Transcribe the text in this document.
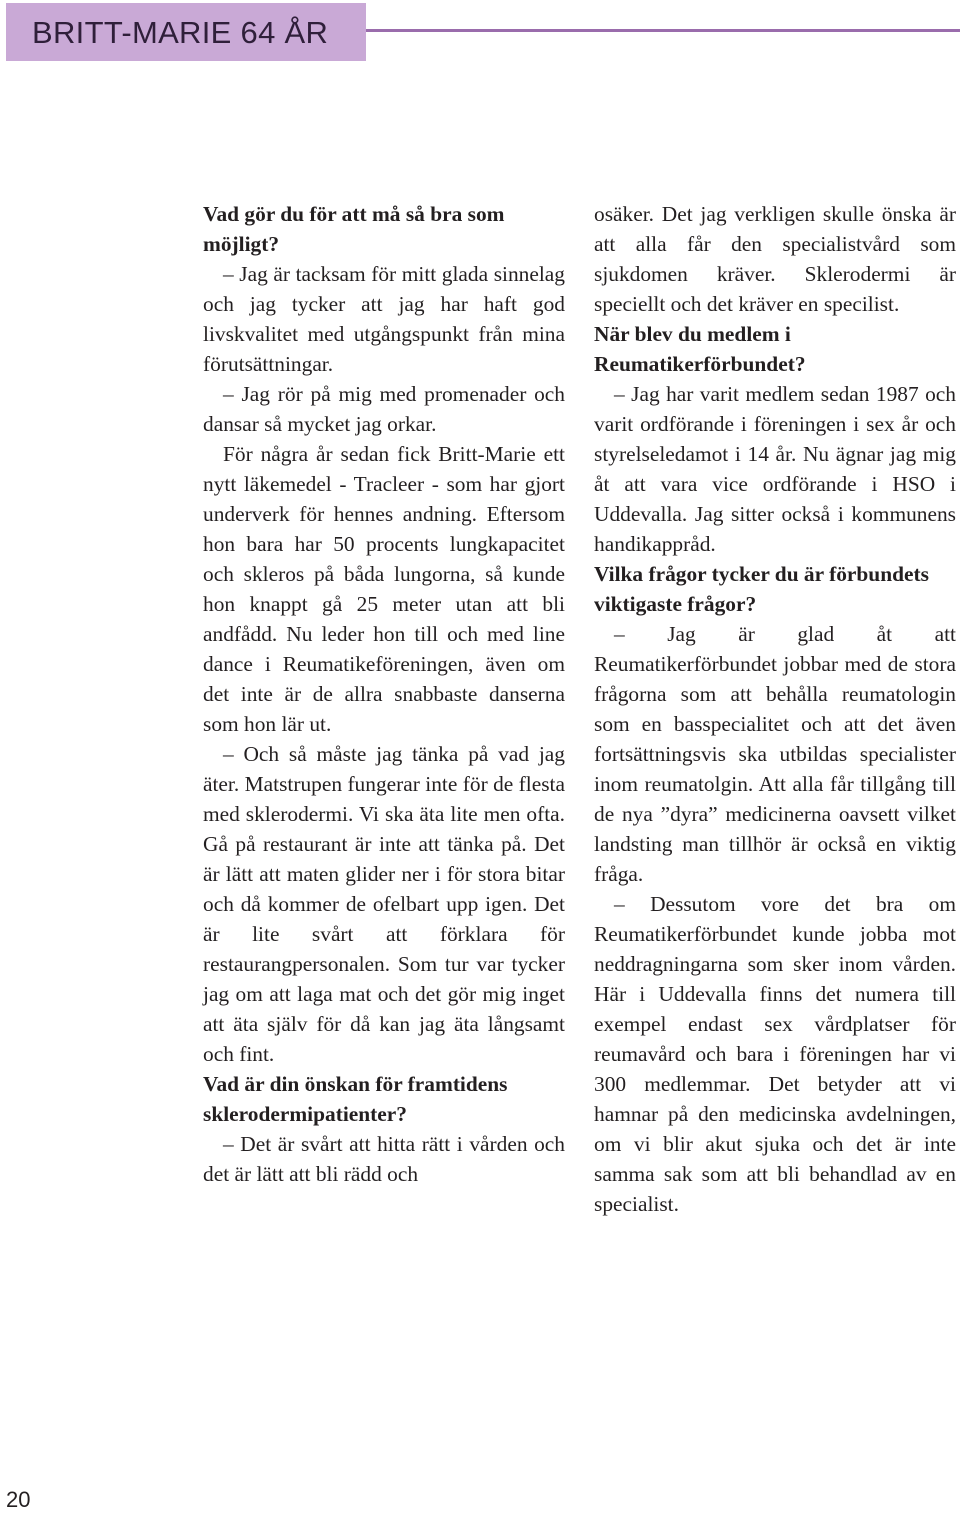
BRITT-MARIE 64 ÅR

Vad gör du för att må så bra som möjligt?

– Jag är tacksam för mitt glada sinnelag och jag tycker att jag har haft god livskvalitet med utgångspunkt från mina förutsättningar.

– Jag rör på mig med promenader och dansar så mycket jag orkar.

För några år sedan fick Britt-Marie ett nytt läkemedel - Tracleer - som har gjort underverk för hennes andning. Eftersom hon bara har 50 procents lungkapacitet och skleros på båda lungorna, så kunde hon knappt gå 25 meter utan att bli andfådd. Nu leder hon till och med line dance i Reumatikeföreningen, även om det inte är de allra snabbaste danserna som hon lär ut.

– Och så måste jag tänka på vad jag äter. Matstrupen fungerar inte för de flesta med sklerodermi. Vi ska äta lite men ofta. Gå på restaurant är inte att tänka på. Det är lätt att maten glider ner i för stora bitar och då kommer de ofelbart upp igen. Det är lite svårt att förklara för restaurangpersonalen. Som tur var tycker jag om att laga mat och det gör mig inget att äta själv för då kan jag äta långsamt och fint.

Vad är din önskan för framtidens sklerodermipatienter?

– Det är svårt att hitta rätt i vården och det är lätt att bli rädd och

osäker. Det jag verkligen skulle önska är att alla får den specialistvård som sjukdomen kräver. Sklerodermi är speciellt och det kräver en specilist.

När blev du medlem i Reumatikerförbundet?

– Jag har varit medlem sedan 1987 och varit ordförande i föreningen i sex år och styrelseledamot i 14 år. Nu ägnar jag mig åt att vara vice ordförande i HSO i Uddevalla. Jag sitter också i kommunens handikappråd.

Vilka frågor tycker du är förbundets viktigaste frågor?

– Jag är glad åt att Reumatikerförbundet jobbar med de stora frågorna som att behålla reumatologin som en basspecialitet och att det även fortsättningsvis ska utbildas specialister inom reumatolgin. Att alla får tillgång till de nya ”dyra” medicinerna oavsett vilket landsting man tillhör är också en viktig fråga.

– Dessutom vore det bra om Reumatikerförbundet kunde jobba mot neddragningarna som sker inom vården. Här i Uddevalla finns det numera till exempel endast sex vårdplatser för reumavård och bara i föreningen har vi 300 medlemmar. Det betyder att vi hamnar på den medicinska avdelningen, om vi blir akut sjuka och det är inte samma sak som att bli behandlad av en specialist.

20
